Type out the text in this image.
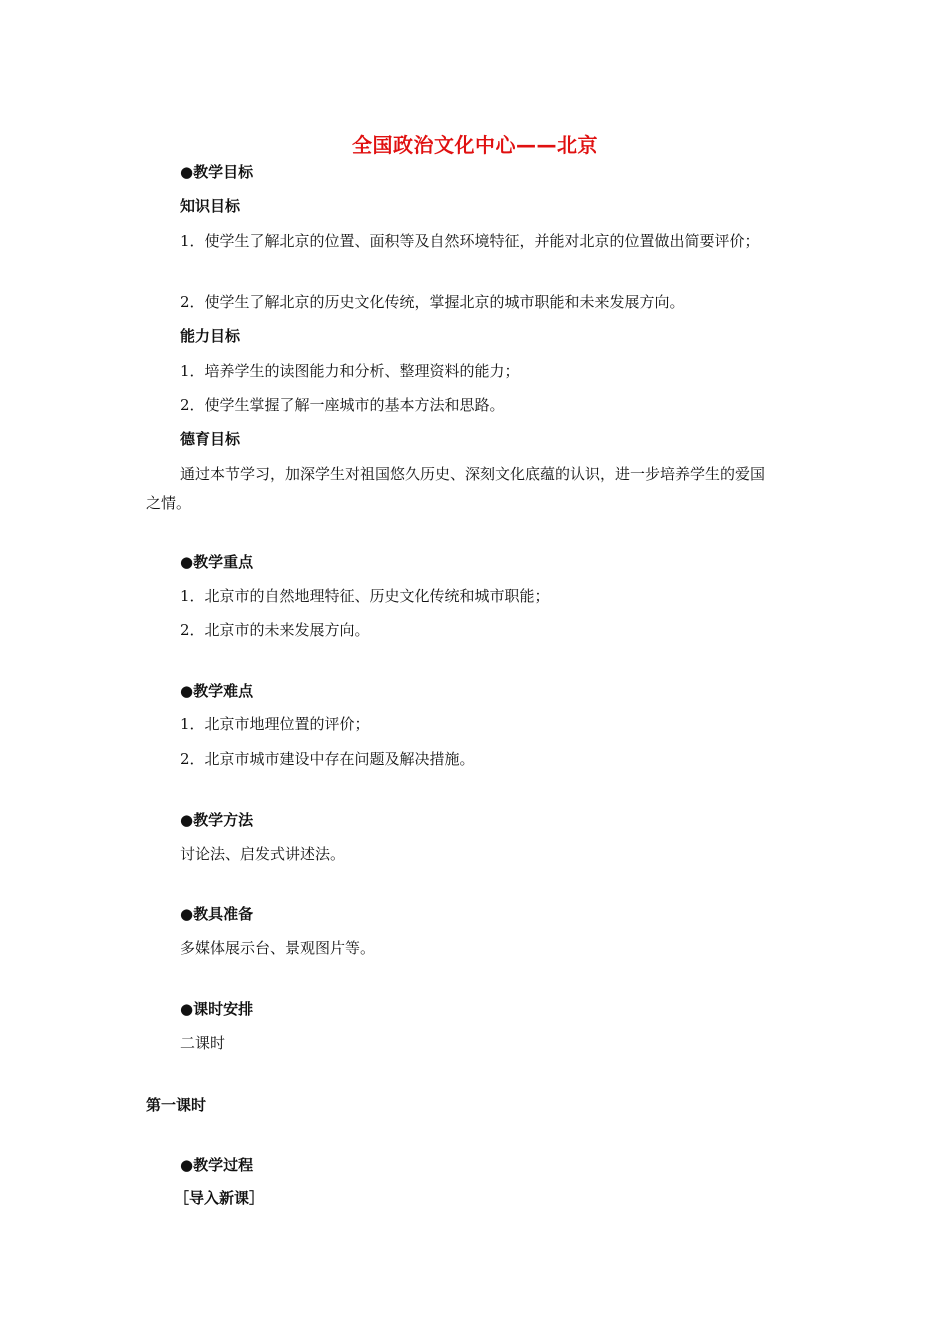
全国政治文化中心——北京
●教学目标
知识目标
1．使学生了解北京的位置、面积等及自然环境特征，并能对北京的位置做出简要评价；
2．使学生了解北京的历史文化传统，掌握北京的城市职能和未来发展方向。
能力目标
1．培养学生的读图能力和分析、整理资料的能力；
2．使学生掌握了解一座城市的基本方法和思路。
德育目标
通过本节学习，加深学生对祖国悠久历史、深刻文化底蕴的认识，进一步培养学生的爱国之情。
●教学重点
1．北京市的自然地理特征、历史文化传统和城市职能；
2．北京市的未来发展方向。
●教学难点
1．北京市地理位置的评价；
2．北京市城市建设中存在问题及解决措施。
●教学方法
讨论法、启发式讲述法。
●教具准备
多媒体展示台、景观图片等。
●课时安排
二课时
第一课时
●教学过程
［导入新课］
